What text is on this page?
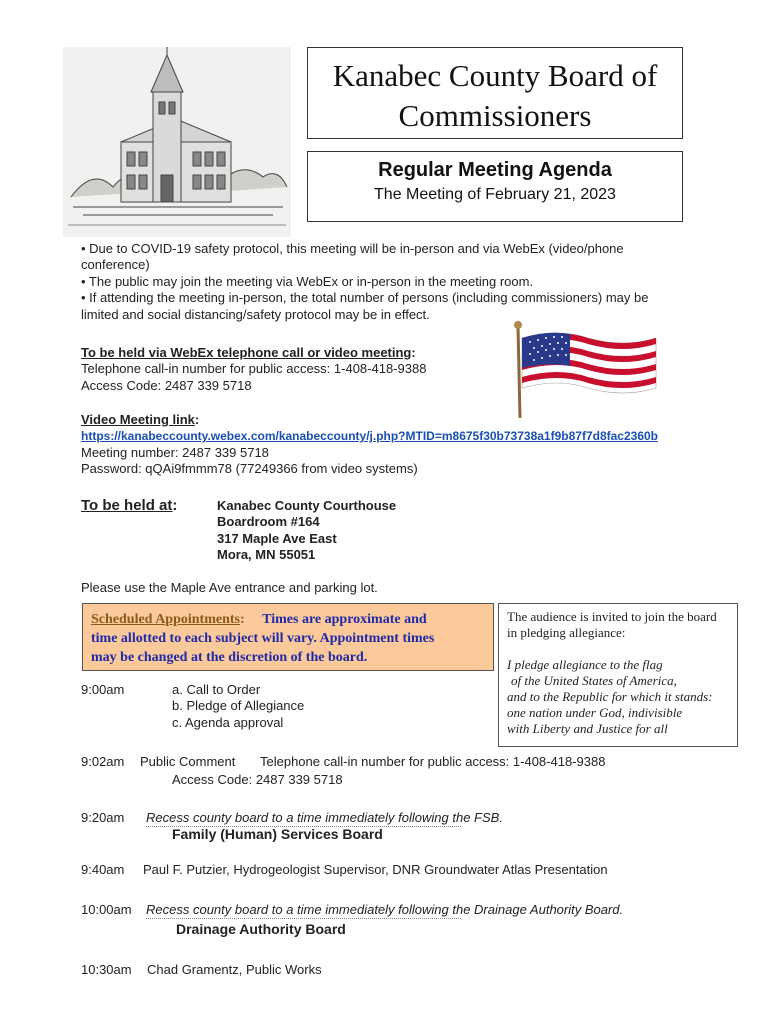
Kanabec County Board of
Commissioners
Regular Meeting Agenda
The Meeting of February 21, 2023
• Due to COVID-19 safety protocol, this meeting will be in-person and via WebEx (video/phone
conference)
• The public may join the meeting via WebEx or in-person in the meeting room.
• If attending the meeting in-person, the total number of persons (including commissioners) may be
limited and social distancing/safety protocol may be in effect.
To be held via WebEx telephone call or video meeting:
Telephone call-in number for public access: 1-408-418-9388
Access Code: 2487 339 5718
Video Meeting link:
https://kanabeccounty.webex.com/kanabeccounty/j.php?MTID=m8675f30b73738a1f9b87f7d8fac2360b
Meeting number: 2487 339 5718
Password: qQAi9fmmm78 (77249366 from video systems)
To be held at:	Kanabec County Courthouse
Boardroom #164
317 Maple Ave East
Mora, MN 55051
Please use the Maple Ave entrance and parking lot.
Scheduled Appointments: Times are approximate and
time allotted to each subject will vary. Appointment times
may be changed at the discretion of the board.
The audience is invited to join the board
in pledging allegiance:
I pledge allegiance to the flag
of the United States of America,
and to the Republic for which it stands:
one nation under God, indivisible
with Liberty and Justice for all
9:00am	a. Call to Order
b. Pledge of Allegiance
c. Agenda approval
9:02am Public Comment Telephone call-in number for public access: 1-408-418-9388
Access Code: 2487 339 5718
9:20am Recess county board to a time immediately following the FSB.
Family (Human) Services Board
9:40am Paul F. Putzier, Hydrogeologist Supervisor, DNR Groundwater Atlas Presentation
10:00am Recess county board to a time immediately following the Drainage Authority Board.
Drainage Authority Board
10:30am Chad Gramentz, Public Works
